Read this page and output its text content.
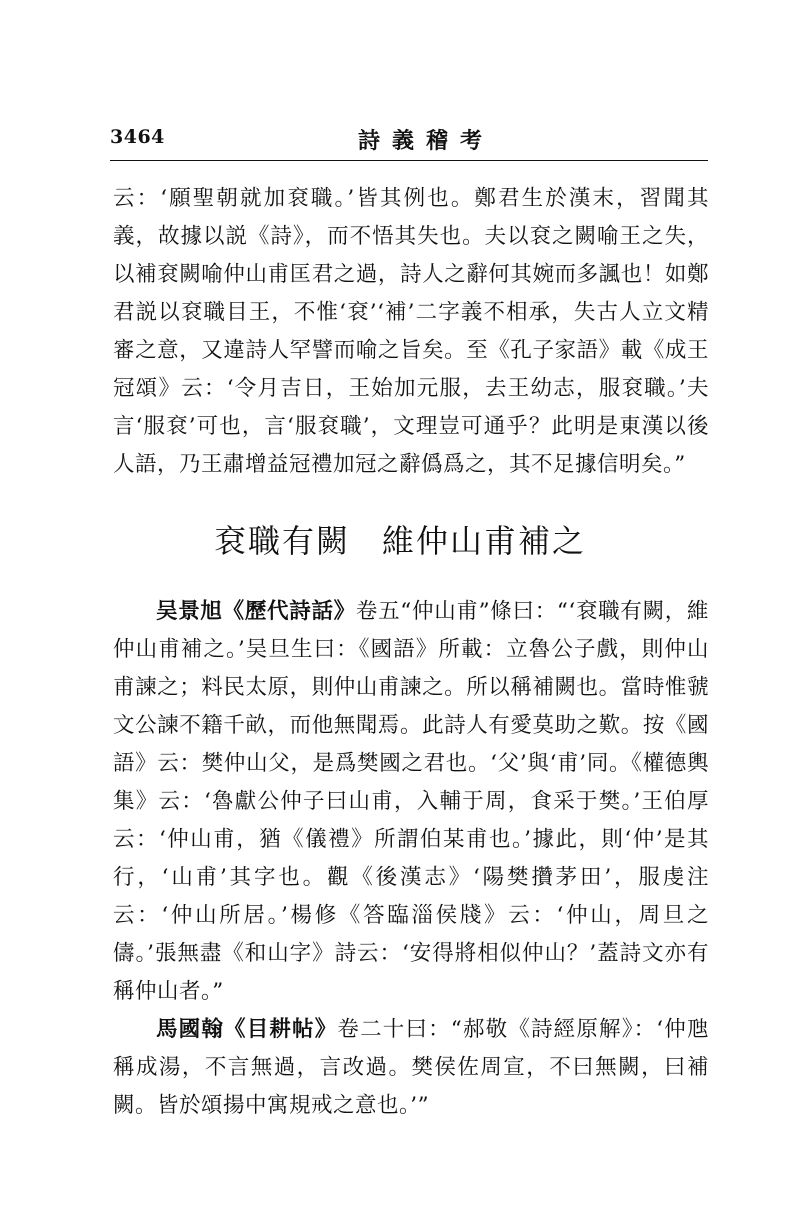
3464	詩義稽考

云：‘願聖朝就加袞職。’皆其例也。鄭君生於漢末，習聞其義，故據以説《詩》，而不悟其失也。夫以袞之闕喻王之失，以補袞闕喻仲山甫匡君之過，詩人之辭何其婉而多諷也！如鄭君説以袞職目王，不惟‘袞’‘補’二字義不相承，失古人立文精審之意，又違詩人罕譬而喻之旨矣。至《孔子家語》載《成王冠頌》云：‘令月吉日，王始加元服，去王幼志，服袞職。’夫言‘服袞’可也，言‘服袞職’，文理豈可通乎？此明是東漢以後人語，乃王肅增益冠禮加冠之辭僞爲之，其不足據信明矣。”

袞職有闕 維仲山甫補之

吴景旭《歷代詩話》卷五“仲山甫”條曰：“‘袞職有闕，維仲山甫補之。’吴旦生曰：《國語》所載：立魯公子戲，則仲山甫諫之；料民太原，則仲山甫諫之。所以稱補闕也。當時惟虢文公諫不籍千畝，而他無聞焉。此詩人有愛莫助之歎。按《國語》云：樊仲山父，是爲樊國之君也。‘父’與‘甫’同。《權德輿集》云：‘魯獻公仲子曰山甫，入輔于周，食采于樊。’王伯厚云：‘仲山甫，猶《儀禮》所謂伯某甫也。’據此，則‘仲’是其行，‘山甫’其字也。觀《後漢志》‘陽樊攢茅田’，服虔注云：‘仲山所居。’楊修《答臨淄侯牋》云：‘仲山，周旦之儔。’張無盡《和山字》詩云：‘安得將相似仲山？’蓋詩文亦有稱仲山者。”

馬國翰《目耕帖》卷二十曰：“郝敬《詩經原解》：‘仲虺稱成湯，不言無過，言改過。樊侯佐周宣，不曰無闕，曰補闕。皆於頌揚中寓規戒之意也。’”
